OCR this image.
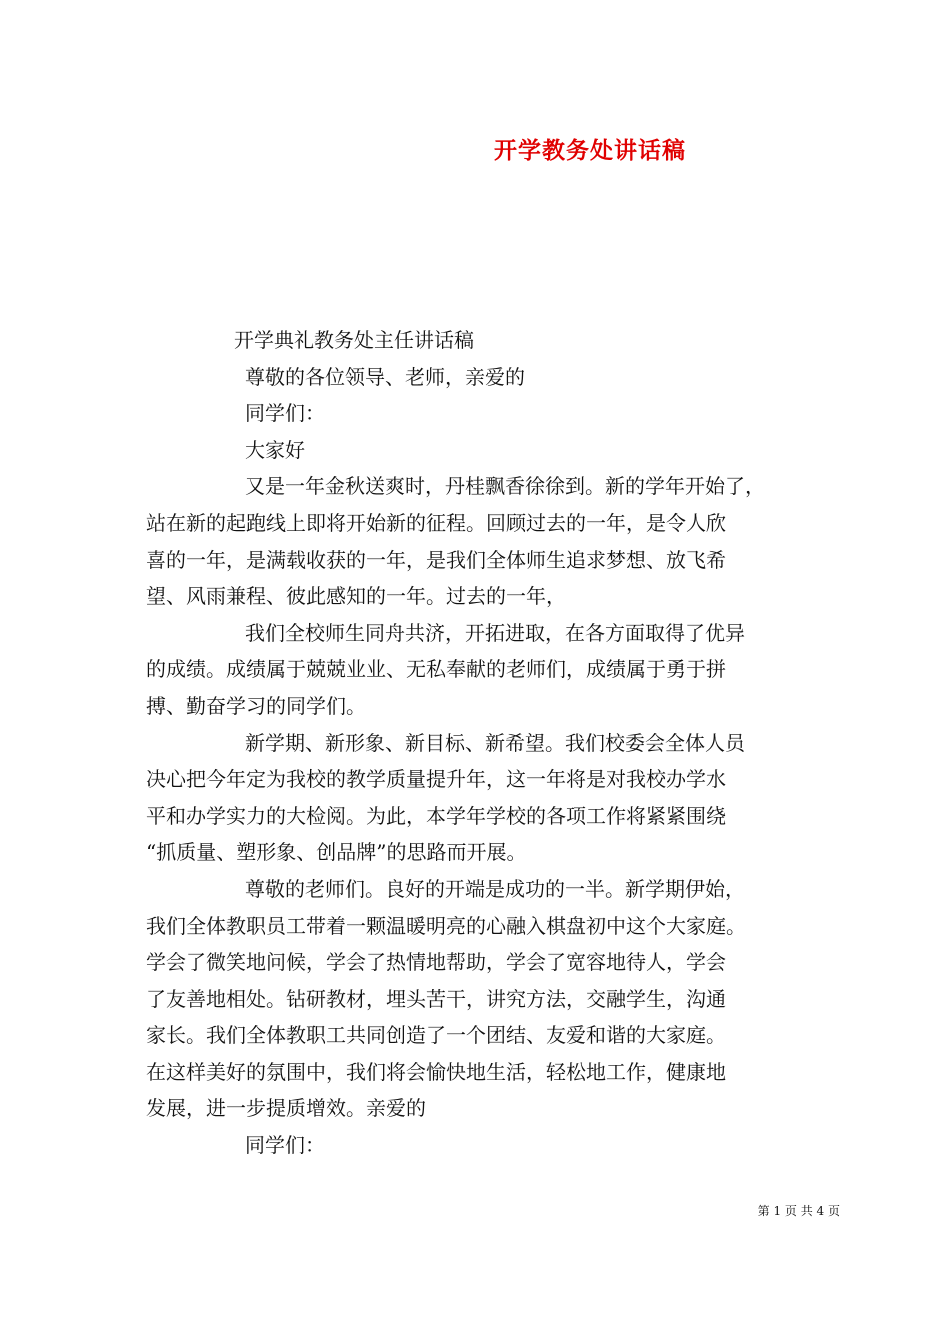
开学教务处讲话稿
开学典礼教务处主任讲话稿
尊敬的各位领导、老师，亲爱的
同学们：
大家好
又是一年金秋送爽时，丹桂飘香徐徐到。新的学年开始了，
站在新的起跑线上即将开始新的征程。回顾过去的一年，是令人欣
喜的一年，是满载收获的一年，是我们全体师生追求梦想、放飞希
望、风雨兼程、彼此感知的一年。过去的一年，
我们全校师生同舟共济，开拓进取，在各方面取得了优异
的成绩。成绩属于兢兢业业、无私奉献的老师们，成绩属于勇于拼
搏、勤奋学习的同学们。
新学期、新形象、新目标、新希望。我们校委会全体人员
决心把今年定为我校的教学质量提升年，这一年将是对我校办学水
平和办学实力的大检阅。为此，本学年学校的各项工作将紧紧围绕
“抓质量、塑形象、创品牌”的思路而开展。
尊敬的老师们。良好的开端是成功的一半。新学期伊始，
我们全体教职员工带着一颗温暖明亮的心融入棋盘初中这个大家庭。
学会了微笑地问候，学会了热情地帮助，学会了宽容地待人，学会
了友善地相处。钻研教材，埋头苦干，讲究方法，交融学生，沟通
家长。我们全体教职工共同创造了一个团结、友爱和谐的大家庭。
在这样美好的氛围中，我们将会愉快地生活，轻松地工作，健康地
发展，进一步提质增效。亲爱的
同学们：
第 1 页 共 4 页
